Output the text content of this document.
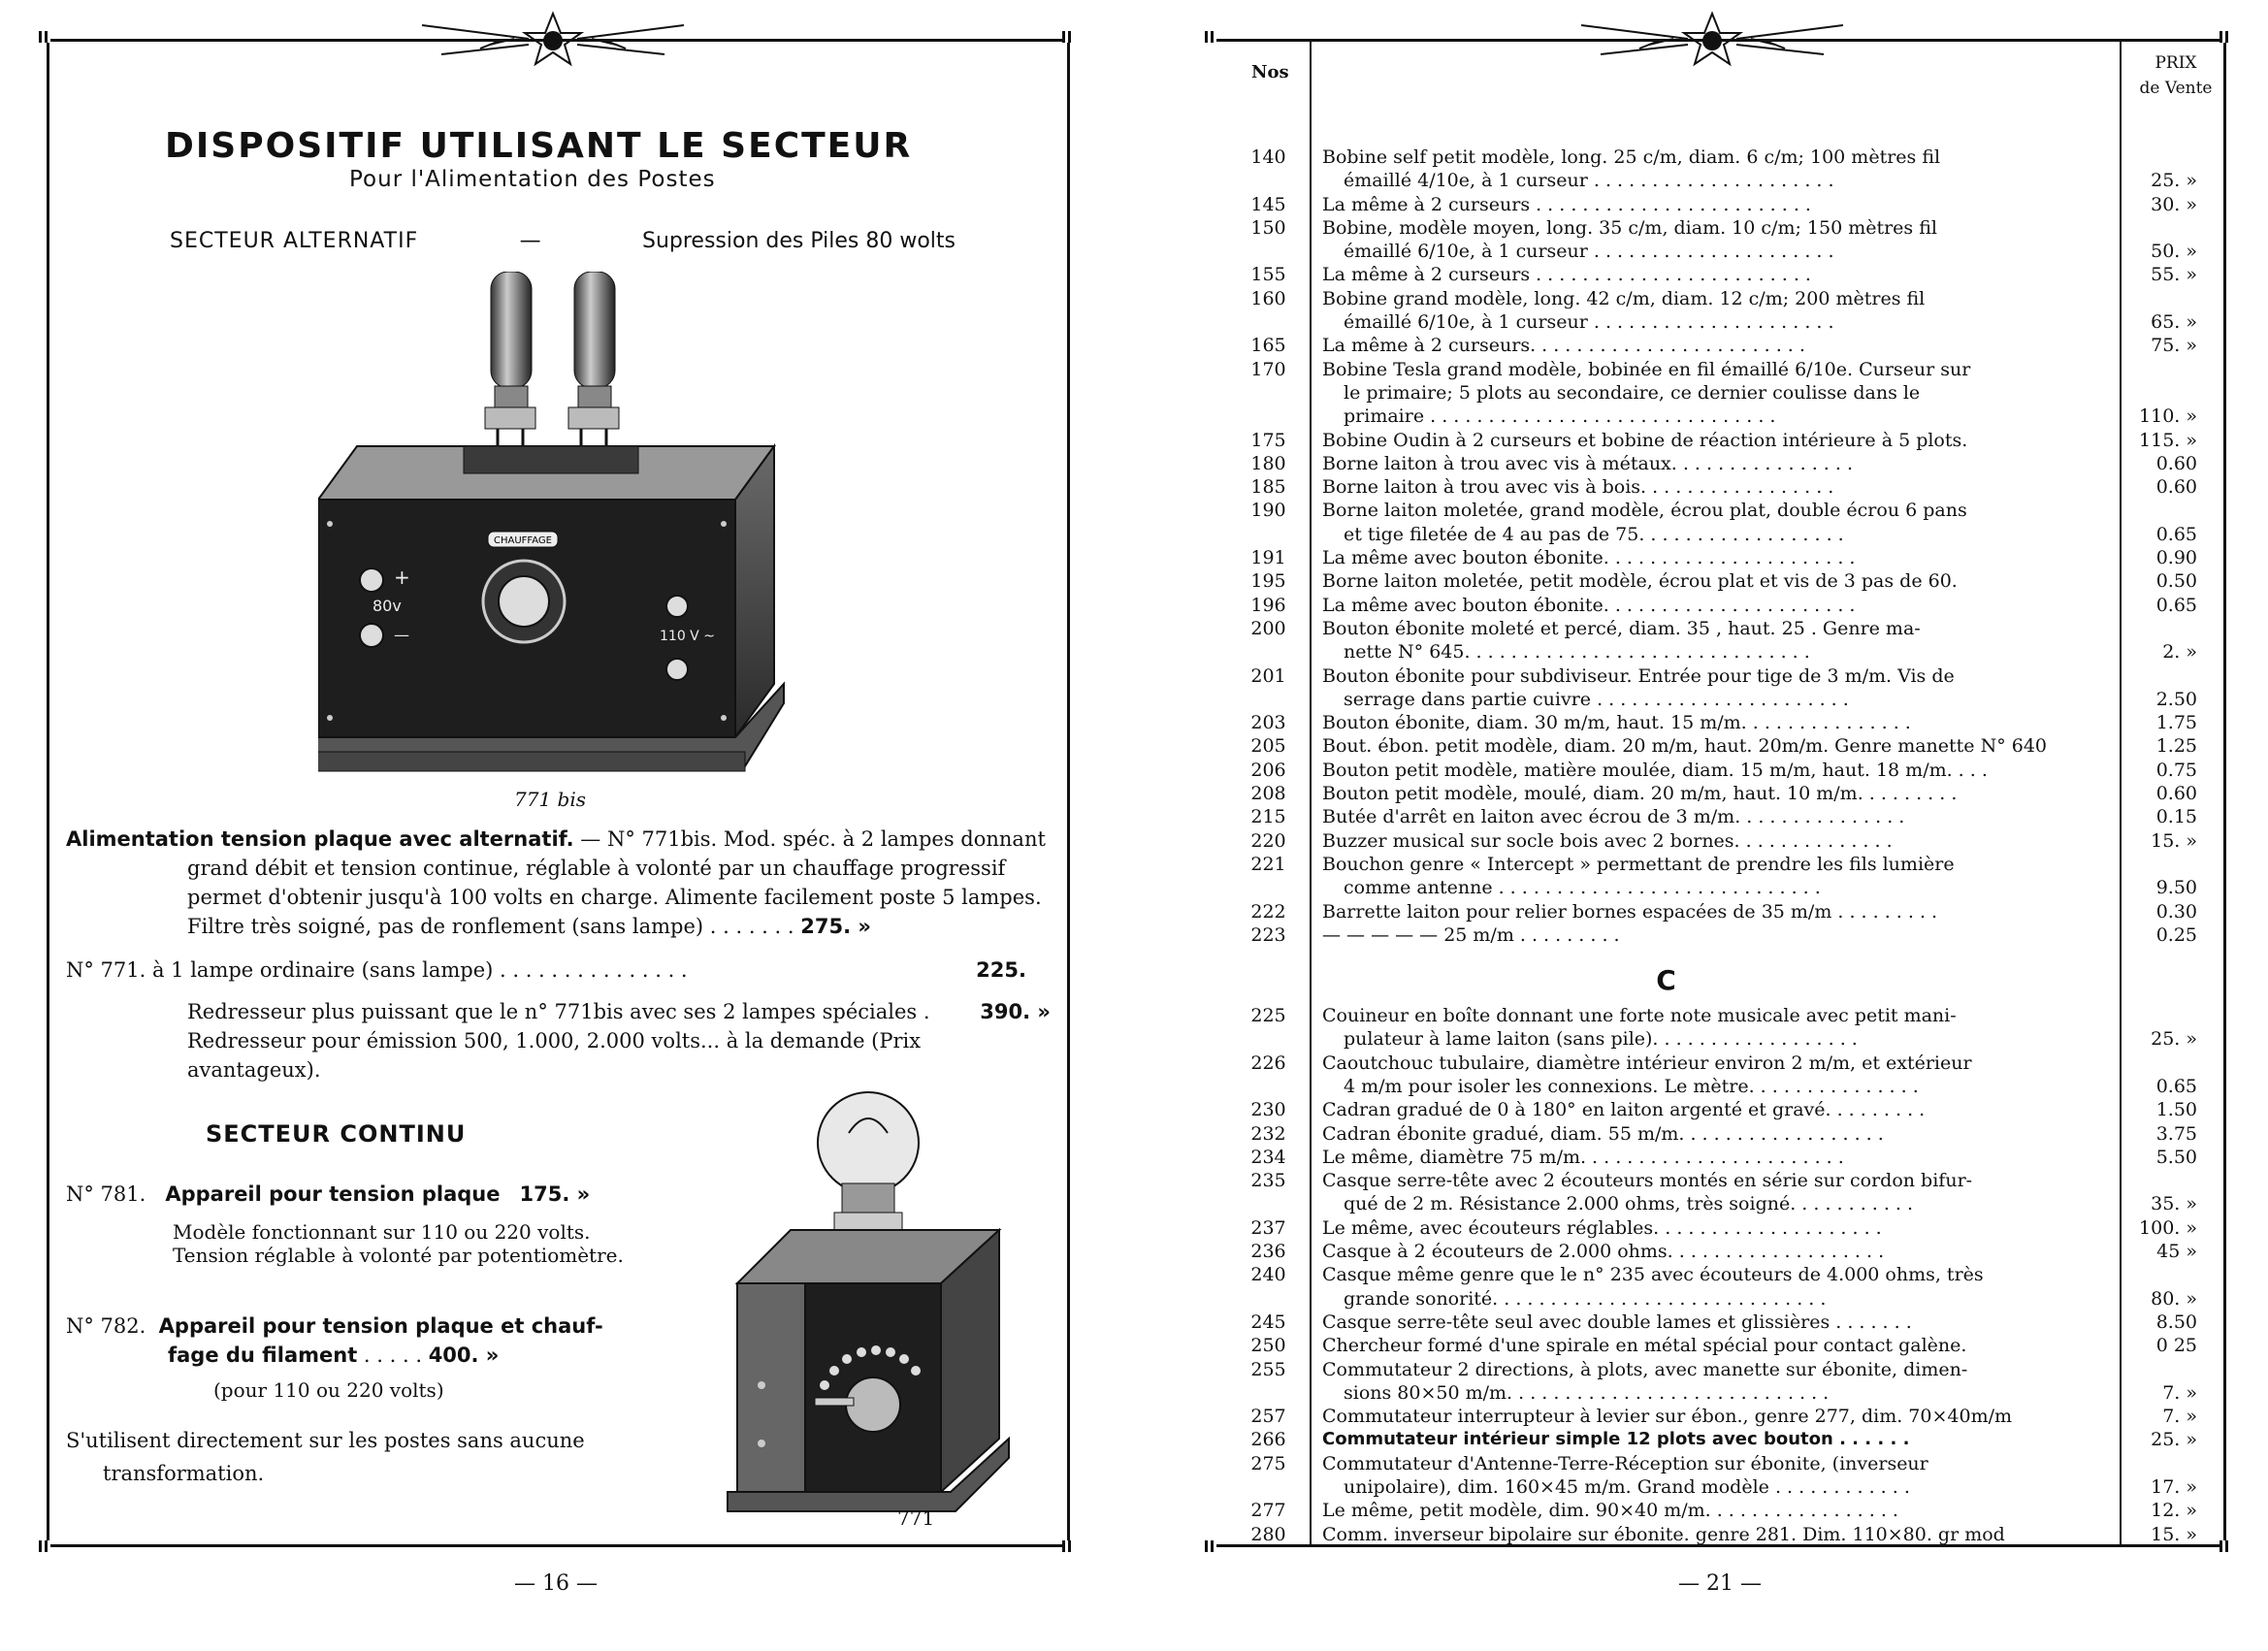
DISPOSITIF UTILISANT LE SECTEUR
Pour l'Alimentation des Postes
SECTEUR ALTERNATIF	—	Supression des Piles 80 wolts
CHAUFFAGE
+
—
80v
110 V ~
771 bis
Alimentation tension plaque avec alternatif. — N° 771bis. Mod. spéc. à 2 lampes donnant
grand débit et tension continue, réglable à volonté par un chauffage progressif
permet d'obtenir jusqu'à 100 volts en charge. Alimente facilement poste 5 lampes.
Filtre très soigné, pas de ronflement (sans lampe) . . . . . . . 275. »
N° 771. à 1 lampe ordinaire (sans lampe) . . . . . . . . . . . . . . .	225.
Redresseur plus puissant que le n° 771bis avec ses 2 lampes spéciales . 390. »
Redresseur pour émission 500, 1.000, 2.000 volts... à la demande (Prix avantageux).
SECTEUR CONTINU
N° 781. Appareil pour tension plaque 175. »
Modèle fonctionnant sur 110 ou 220 volts. Tension réglable à volonté par potentiomètre.
N° 782. Appareil pour tension plaque et chauf-
fage du filament . . . . . 400. »
(pour 110 ou 220 volts)
S'utilisent directement sur les postes sans aucune
transformation.
771
— 16 —
Nos	PRIX
de Vente
140	Bobine self petit modèle, long. 25 c/m, diam. 6 c/m; 100 mètres fil
émaillé 4/10e, à 1 curseur . . . . . . . . . . . . . . . . . . . . .	25. »
145	La même à 2 curseurs . . . . . . . . . . . . . . . . . . . . . . . .	30. »
150	Bobine, modèle moyen, long. 35 c/m, diam. 10 c/m; 150 mètres fil
émaillé 6/10e, à 1 curseur . . . . . . . . . . . . . . . . . . . . .	50. »
155	La même à 2 curseurs . . . . . . . . . . . . . . . . . . . . . . . .	55. »
160	Bobine grand modèle, long. 42 c/m, diam. 12 c/m; 200 mètres fil
émaillé 6/10e, à 1 curseur . . . . . . . . . . . . . . . . . . . . .	65. »
165	La même à 2 curseurs. . . . . . . . . . . . . . . . . . . . . . . .	75. »
170	Bobine Tesla grand modèle, bobinée en fil émaillé 6/10e. Curseur sur
le primaire; 5 plots au secondaire, ce dernier coulisse dans le
primaire . . . . . . . . . . . . . . . . . . . . . . . . . . . . . .	110. »
175	Bobine Oudin à 2 curseurs et bobine de réaction intérieure à 5 plots.	115. »
180	Borne laiton à trou avec vis à métaux. . . . . . . . . . . . . . . .	0.60
185	Borne laiton à trou avec vis à bois. . . . . . . . . . . . . . . . .	0.60
190	Borne laiton moletée, grand modèle, écrou plat, double écrou 6 pans
et tige filetée de 4 au pas de 75. . . . . . . . . . . . . . . . . .	0.65
191	La même avec bouton ébonite. . . . . . . . . . . . . . . . . . . . . .	0.90
195	Borne laiton moletée, petit modèle, écrou plat et vis de 3 pas de 60.	0.50
196	La même avec bouton ébonite. . . . . . . . . . . . . . . . . . . . . .	0.65
200	Bouton ébonite moleté et percé, diam. 35 , haut. 25 . Genre ma-
nette N° 645. . . . . . . . . . . . . . . . . . . . . . . . . . . . . .	2. »
201	Bouton ébonite pour subdiviseur. Entrée pour tige de 3 m/m. Vis de
serrage dans partie cuivre . . . . . . . . . . . . . . . . . . . . . .	2.50
203	Bouton ébonite, diam. 30 m/m, haut. 15 m/m. . . . . . . . . . . . . . .	1.75
205	Bout. ébon. petit modèle, diam. 20 m/m, haut. 20m/m. Genre manette N° 640	1.25
206	Bouton petit modèle, matière moulée, diam. 15 m/m, haut. 18 m/m. . . .	0.75
208	Bouton petit modèle, moulé, diam. 20 m/m, haut. 10 m/m. . . . . . . . .	0.60
215	Butée d'arrêt en laiton avec écrou de 3 m/m. . . . . . . . . . . . . . .	0.15
220	Buzzer musical sur socle bois avec 2 bornes. . . . . . . . . . . . . .	15. »
221	Bouchon genre « Intercept » permettant de prendre les fils lumière
comme antenne . . . . . . . . . . . . . . . . . . . . . . . . . . . .	9.50
222	Barrette laiton pour relier bornes espacées de 35 m/m . . . . . . . . .	0.30
223	— — — — — 25 m/m . . . . . . . . .	0.25
C
225	Couineur en boîte donnant une forte note musicale avec petit mani-
pulateur à lame laiton (sans pile). . . . . . . . . . . . . . . . . .	25. »
226	Caoutchouc tubulaire, diamètre intérieur environ 2 m/m, et extérieur
4 m/m pour isoler les connexions. Le mètre. . . . . . . . . . . . . . .	0.65
230	Cadran gradué de 0 à 180° en laiton argenté et gravé. . . . . . . . .	1.50
232	Cadran ébonite gradué, diam. 55 m/m. . . . . . . . . . . . . . . . . .	3.75
234	Le même, diamètre 75 m/m. . . . . . . . . . . . . . . . . . . . . . .	5.50
235	Casque serre-tête avec 2 écouteurs montés en série sur cordon bifur-
qué de 2 m. Résistance 2.000 ohms, très soigné. . . . . . . . . . .	35. »
237	Le même, avec écouteurs réglables. . . . . . . . . . . . . . . . . . . .	100. »
236	Casque à 2 écouteurs de 2.000 ohms. . . . . . . . . . . . . . . . . . .	45 »
240	Casque même genre que le n° 235 avec écouteurs de 4.000 ohms, très
grande sonorité. . . . . . . . . . . . . . . . . . . . . . . . . . . . .	80. »
245	Casque serre-tête seul avec double lames et glissières . . . . . . .	8.50
250	Chercheur formé d'une spirale en métal spécial pour contact galène.	0 25
255	Commutateur 2 directions, à plots, avec manette sur ébonite, dimen-
sions 80×50 m/m. . . . . . . . . . . . . . . . . . . . . . . . . . . .	7. »
257	Commutateur interrupteur à levier sur ébon., genre 277, dim. 70×40m/m	7. »
266	Commutateur intérieur simple 12 plots avec bouton . . . . . .	25. »
275	Commutateur d'Antenne-Terre-Réception sur ébonite, (inverseur
unipolaire), dim. 160×45 m/m. Grand modèle . . . . . . . . . . . .	17. »
277	Le même, petit modèle, dim. 90×40 m/m. . . . . . . . . . . . . . . . .	12. »
280	Comm. inverseur bipolaire sur ébonite. genre 281. Dim. 110×80. gr mod	15. »
— 21 —
